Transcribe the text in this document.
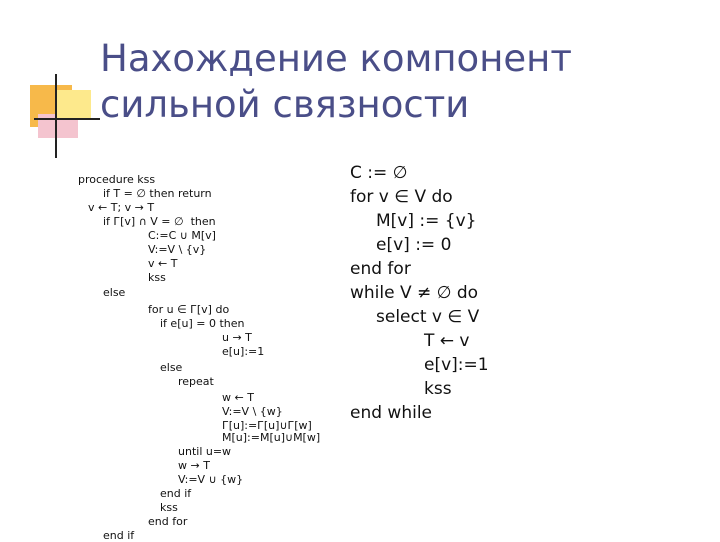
Нахождение компонент сильной связности
procedure kss
if T = ∅ then return
v ← T; v → T
if Г[v] ∩ V = ∅  then
C:=C ∪ M[v]
V:=V \ {v}
v ← T
kss
else
for u ∈ Г[v] do
if e[u] = 0 then
u → T
e[u]:=1
else
repeat
w ← T
V:=V \ {w}
Г[u]:=Г[u]∪Г[w]
M[u]:=M[u]∪M[w]
until u=w
w → T
V:=V ∪ {w}
end if
kss
end for
end if
C := ∅
for v ∈ V do
M[v] := {v}
e[v] := 0
end for
while V ≠ ∅ do
select v ∈ V
T ← v
e[v]:=1
kss
end while
